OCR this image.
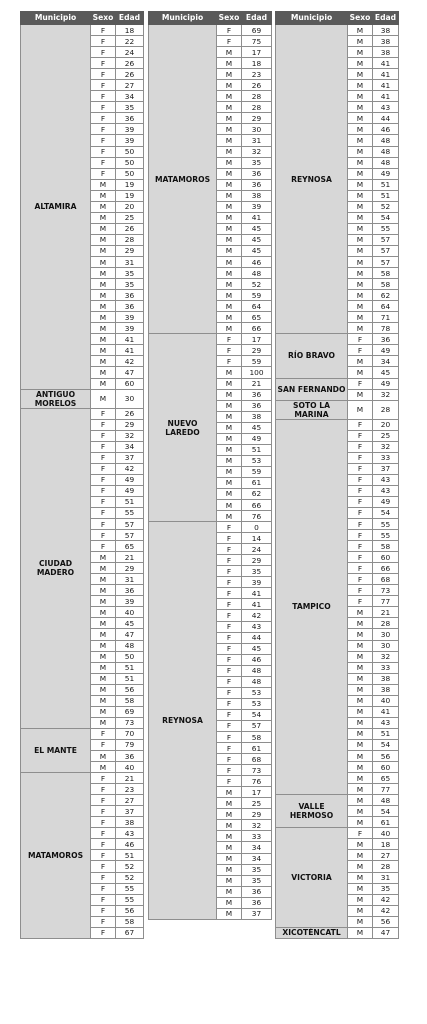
Municipio	Sexo	Edad
ALTAMIRA	F	18
	F	22
	F	24
	F	26
	F	26
	F	27
	F	34
	F	35
	F	36
	F	39
	F	39
	F	50
	F	50
	F	50
	M	19
	M	19
	M	20
	M	25
	M	26
	M	28
	M	29
	M	31
	M	35
	M	35
	M	36
	M	36
	M	39
	M	39
	M	41
	M	41
	M	42
	M	47
	M	60
ANTIGUO MORELOS	M	30
CIUDAD MADERO	F	26
	F	29
	F	32
	F	34
	F	37
	F	42
	F	49
	F	49
	F	51
	F	55
	F	57
	F	57
	F	65
	M	21
	M	29
	M	31
	M	36
	M	39
	M	40
	M	45
	M	47
	M	48
	M	50
	M	51
	M	51
	M	56
	M	58
	M	69
	M	73
EL MANTE	F	70
	F	79
	M	36
	M	40
MATAMOROS	F	21
	F	23
	F	27
	F	37
	F	38
	F	43
	F	46
	F	51
	F	52
	F	52
	F	55
	F	55
	F	56
	F	58
	F	67
Municipio	Sexo	Edad
MATAMOROS	F	69
	F	75
	M	17
	M	18
	M	23
	M	26
	M	28
	M	28
	M	29
	M	30
	M	31
	M	32
	M	35
	M	36
	M	36
	M	38
	M	39
	M	41
	M	45
	M	45
	M	45
	M	46
	M	48
	M	52
	M	59
	M	64
	M	65
	M	66
NUEVO LAREDO	F	17
	F	29
	F	59
	M	100
	M	21
	M	36
	M	36
	M	38
	M	45
	M	49
	M	51
	M	53
	M	59
	M	61
	M	62
	M	66
	M	76
REYNOSA	F	0
	F	14
	F	24
	F	29
	F	35
	F	39
	F	41
	F	41
	F	42
	F	43
	F	44
	F	45
	F	46
	F	48
	F	48
	F	53
	F	53
	F	54
	F	57
	F	58
	F	61
	F	68
	F	73
	F	76
	M	17
	M	25
	M	29
	M	32
	M	33
	M	34
	M	34
	M	35
	M	35
	M	36
	M	36
	M	37
Municipio	Sexo	Edad
REYNOSA	M	38
	M	38
	M	38
	M	41
	M	41
	M	41
	M	41
	M	43
	M	44
	M	46
	M	48
	M	48
	M	48
	M	49
	M	51
	M	51
	M	52
	M	54
	M	55
	M	57
	M	57
	M	57
	M	58
	M	58
	M	62
	M	64
	M	71
	M	78
RÍO BRAVO	F	36
	F	49
	M	34
	M	45
SAN FERNANDO	F	49
	M	32
SOTO LA MARINA	M	28
TAMPICO	F	20
	F	25
	F	32
	F	33
	F	37
	F	43
	F	43
	F	49
	F	54
	F	55
	F	55
	F	58
	F	60
	F	66
	F	68
	F	73
	F	77
	M	21
	M	28
	M	30
	M	30
	M	32
	M	33
	M	38
	M	38
	M	40
	M	41
	M	43
	M	51
	M	54
	M	56
	M	60
	M	65
	M	77
VALLE HERMOSO	M	48
	M	54
	M	61
VICTORIA	F	40
	M	18
	M	27
	M	28
	M	31
	M	35
	M	42
	M	42
	M	56
XICOTÉNCATL	M	47
